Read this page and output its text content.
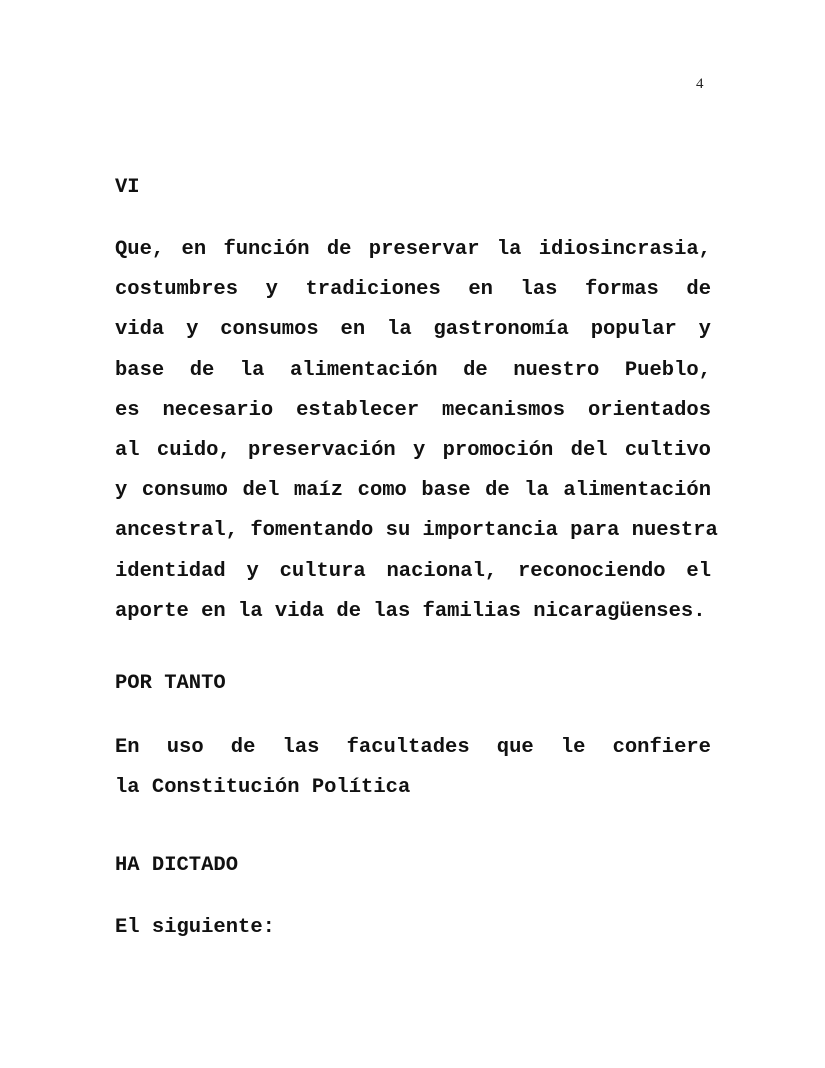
4

VI

Que, en función de preservar la idiosincrasia,
costumbres y tradiciones en las formas de
vida y consumos en la gastronomía popular y
base de la alimentación de nuestro Pueblo,
es necesario establecer mecanismos orientados
al cuido, preservación y promoción del cultivo
y consumo del maíz como base de la alimentación
ancestral, fomentando su importancia para nuestra
identidad y cultura nacional, reconociendo el
aporte en la vida de las familias nicaragüenses.

POR TANTO

En uso de las facultades que le confiere
la Constitución Política

HA DICTADO

El siguiente:
